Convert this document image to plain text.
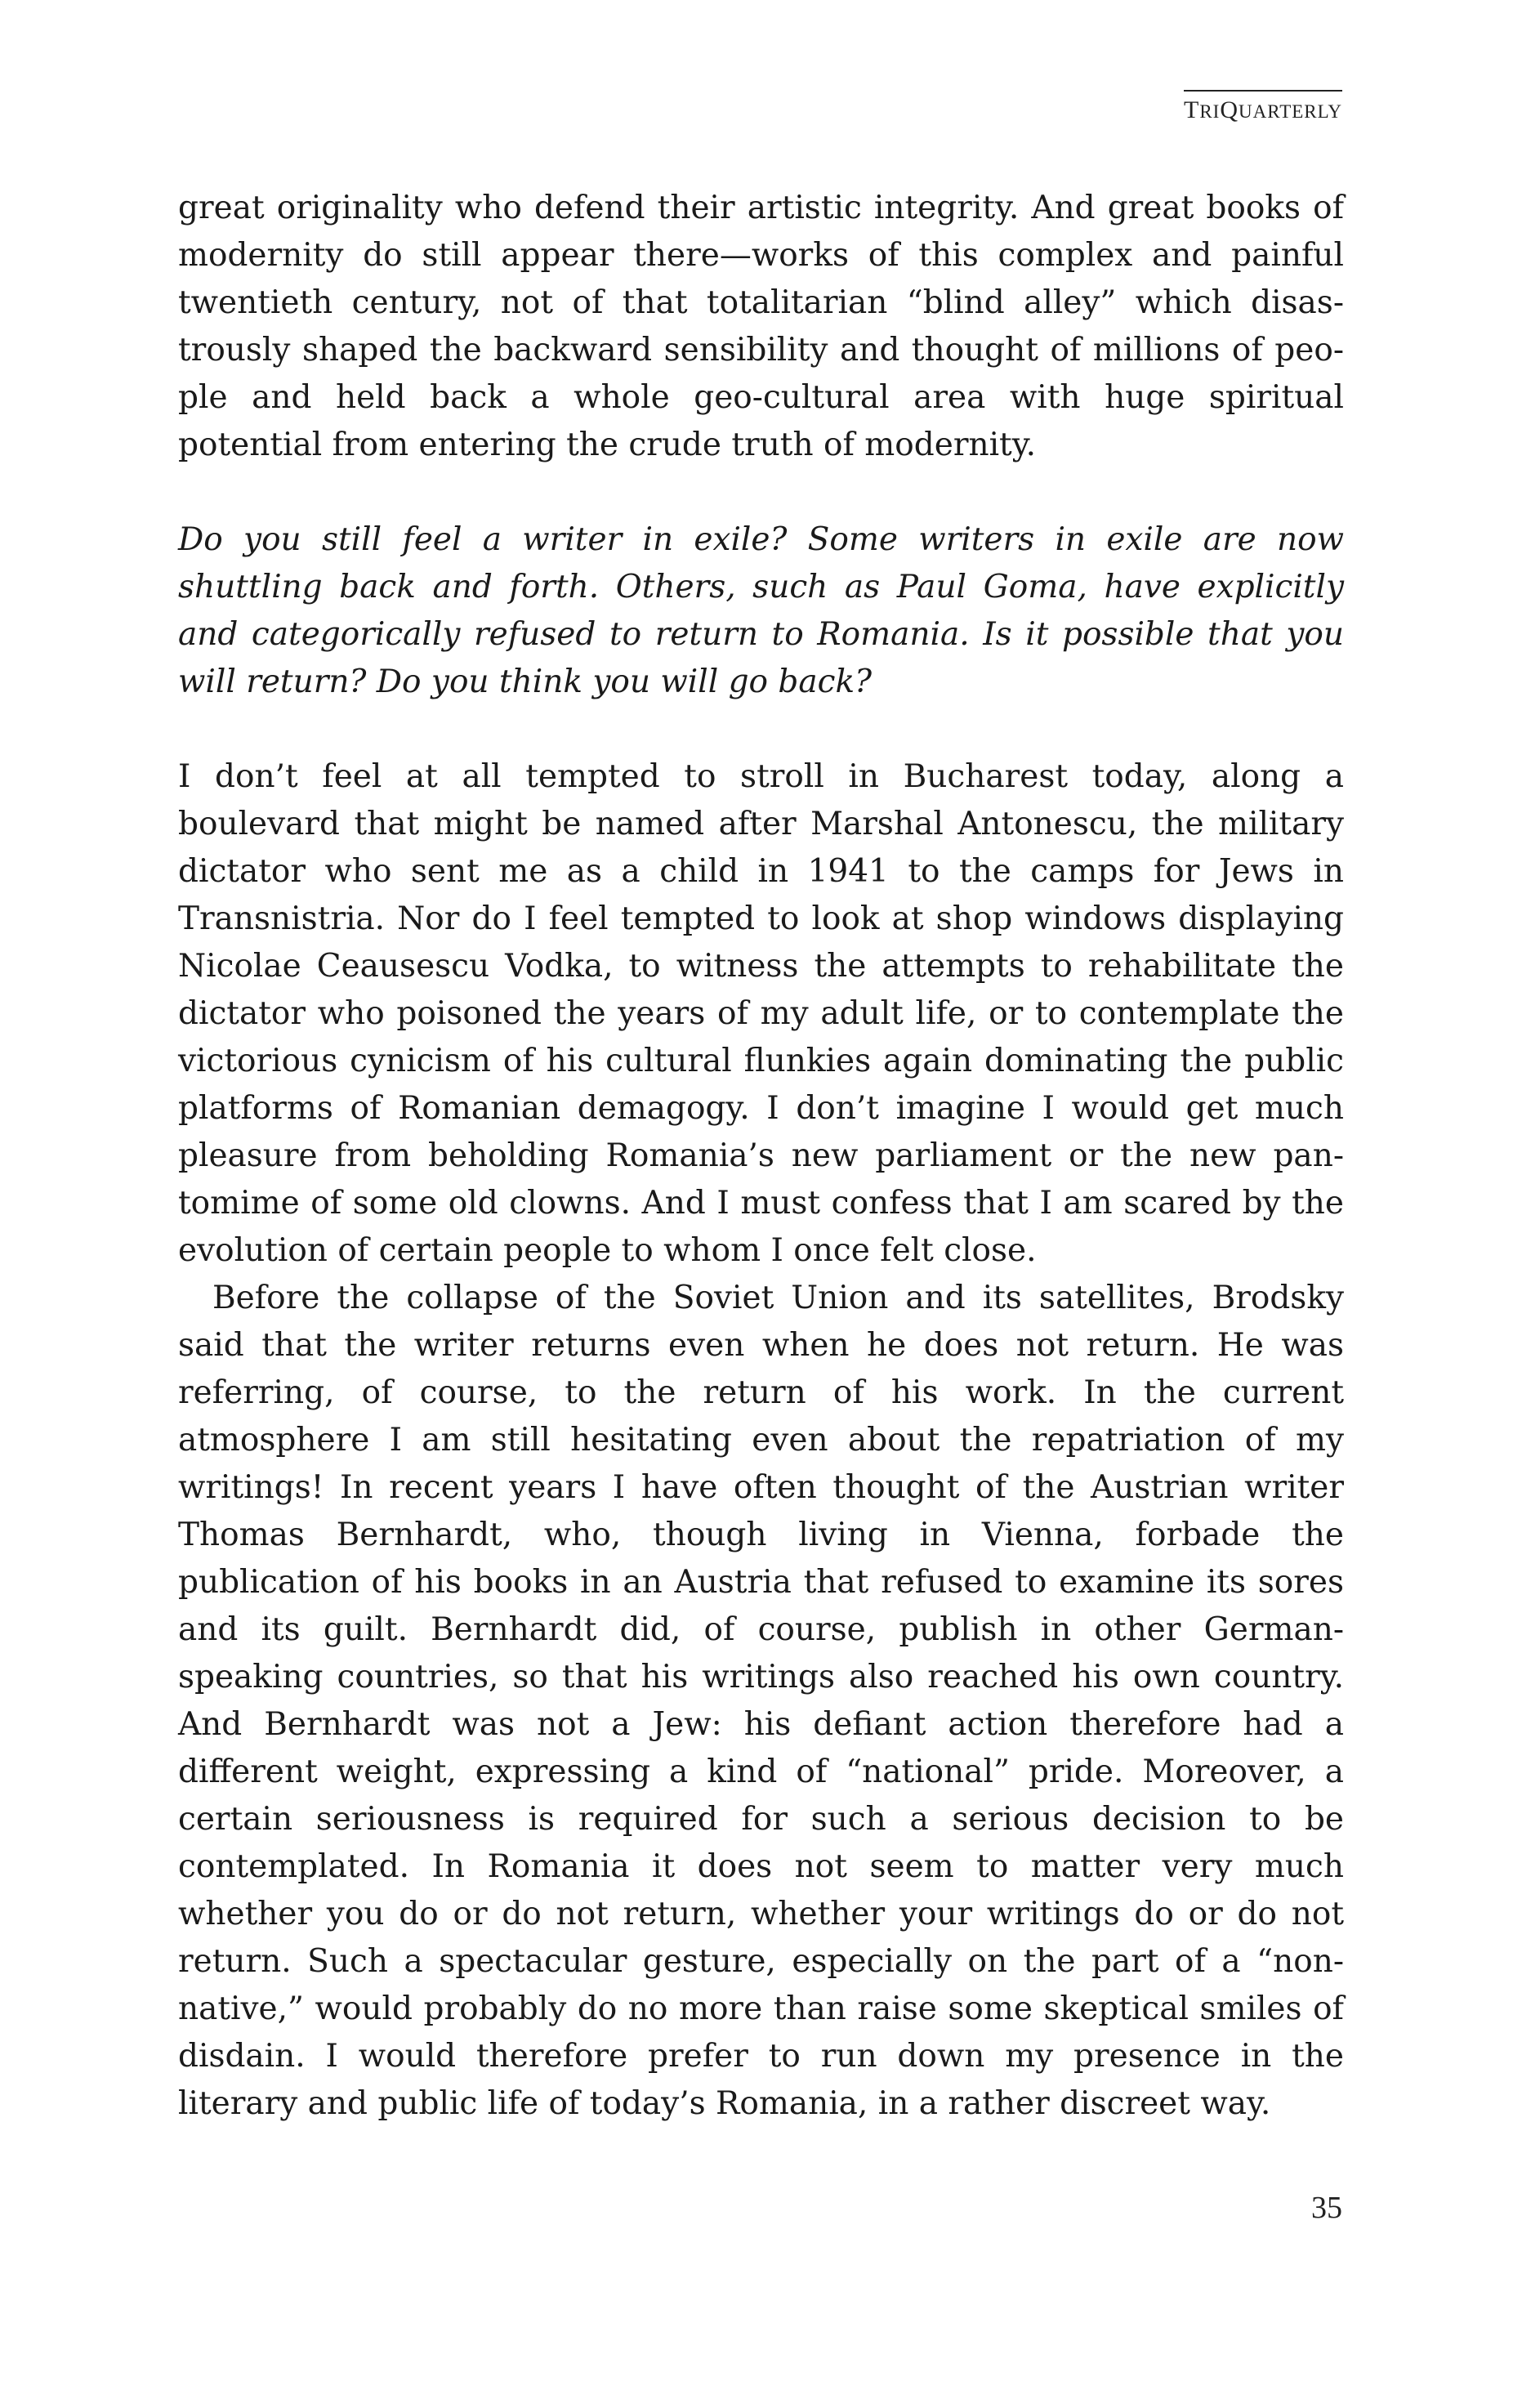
TRIQUARTERLY

great originality who defend their artistic integrity. And great books of modernity do still appear there—works of this complex and painful twentieth century, not of that totalitarian “blind alley” which disastrously shaped the backward sensibility and thought of millions of people and held back a whole geo-cultural area with huge spiritual potential from entering the crude truth of modernity.

Do you still feel a writer in exile? Some writers in exile are now shuttling back and forth. Others, such as Paul Goma, have explicitly and categorically refused to return to Romania. Is it possible that you will return? Do you think you will go back?

I don’t feel at all tempted to stroll in Bucharest today, along a boulevard that might be named after Marshal Antonescu, the military dictator who sent me as a child in 1941 to the camps for Jews in Transnistria. Nor do I feel tempted to look at shop windows displaying Nicolae Ceausescu Vodka, to witness the attempts to rehabilitate the dictator who poisoned the years of my adult life, or to contemplate the victorious cynicism of his cultural flunkies again dominating the public platforms of Romanian demagogy. I don’t imagine I would get much pleasure from beholding Romania’s new parliament or the new pantomime of some old clowns. And I must confess that I am scared by the evolution of certain people to whom I once felt close.

Before the collapse of the Soviet Union and its satellites, Brodsky said that the writer returns even when he does not return. He was referring, of course, to the return of his work. In the current atmosphere I am still hesitating even about the repatriation of my writings! In recent years I have often thought of the Austrian writer Thomas Bernhardt, who, though living in Vienna, forbade the publication of his books in an Austria that refused to examine its sores and its guilt. Bernhardt did, of course, publish in other German-speaking countries, so that his writings also reached his own country. And Bernhardt was not a Jew: his defiant action therefore had a different weight, expressing a kind of “national” pride. Moreover, a certain seriousness is required for such a serious decision to be contemplated. In Romania it does not seem to matter very much whether you do or do not return, whether your writings do or do not return. Such a spectacular gesture, especially on the part of a “non-native,” would probably do no more than raise some skeptical smiles of disdain. I would therefore prefer to run down my presence in the literary and public life of today’s Romania, in a rather discreet way.

35
